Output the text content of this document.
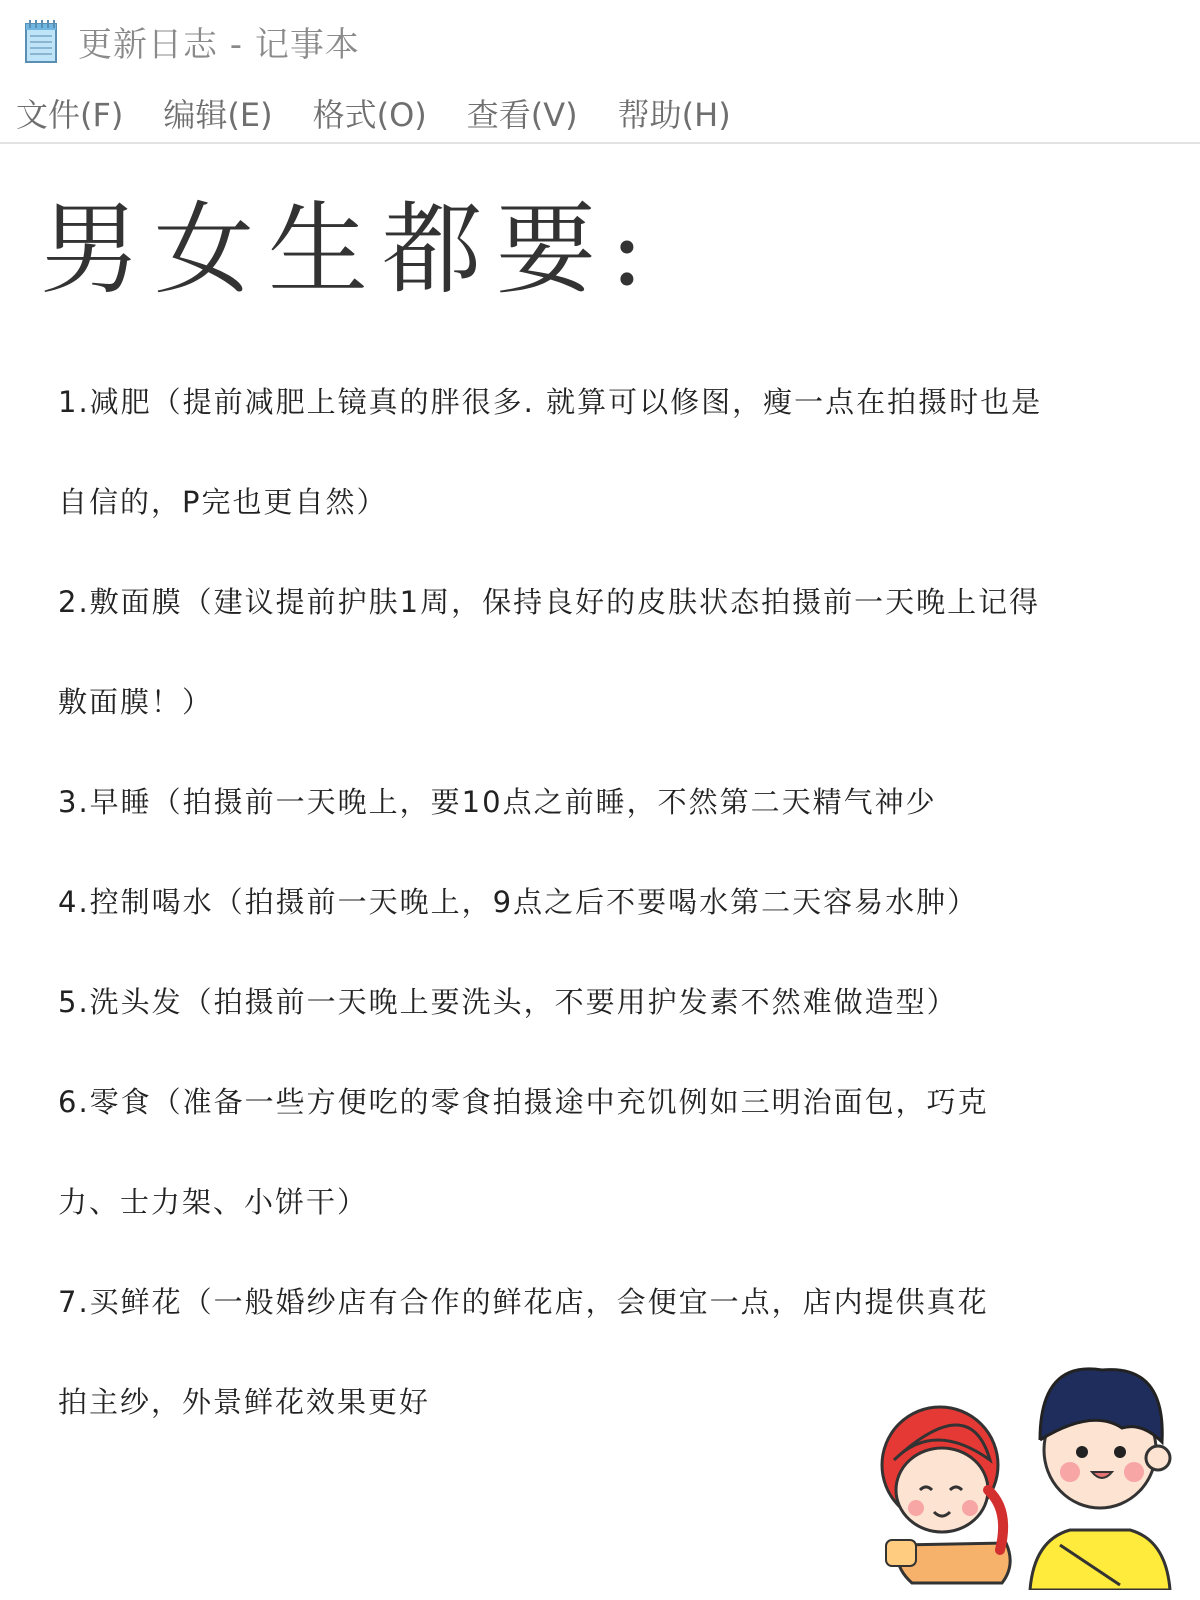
更新日志 - 记事本
文件(F) 编辑(E) 格式(O) 查看(V) 帮助(H)
男女生都要:
1.减肥（提前减肥上镜真的胖很多. 就算可以修图，瘦一点在拍摄时也是
自信的，P完也更自然）
2.敷面膜（建议提前护肤1周，保持良好的皮肤状态拍摄前一天晚上记得
敷面膜！）
3.早睡（拍摄前一天晚上，要10点之前睡，不然第二天精气神少
4.控制喝水（拍摄前一天晚上，9点之后不要喝水第二天容易水肿）
5.洗头发（拍摄前一天晚上要洗头，不要用护发素不然难做造型）
6.零食（准备一些方便吃的零食拍摄途中充饥例如三明治面包，巧克
力、士力架、小饼干）
7.买鲜花（一般婚纱店有合作的鲜花店，会便宜一点，店内提供真花
拍主纱，外景鲜花效果更好
